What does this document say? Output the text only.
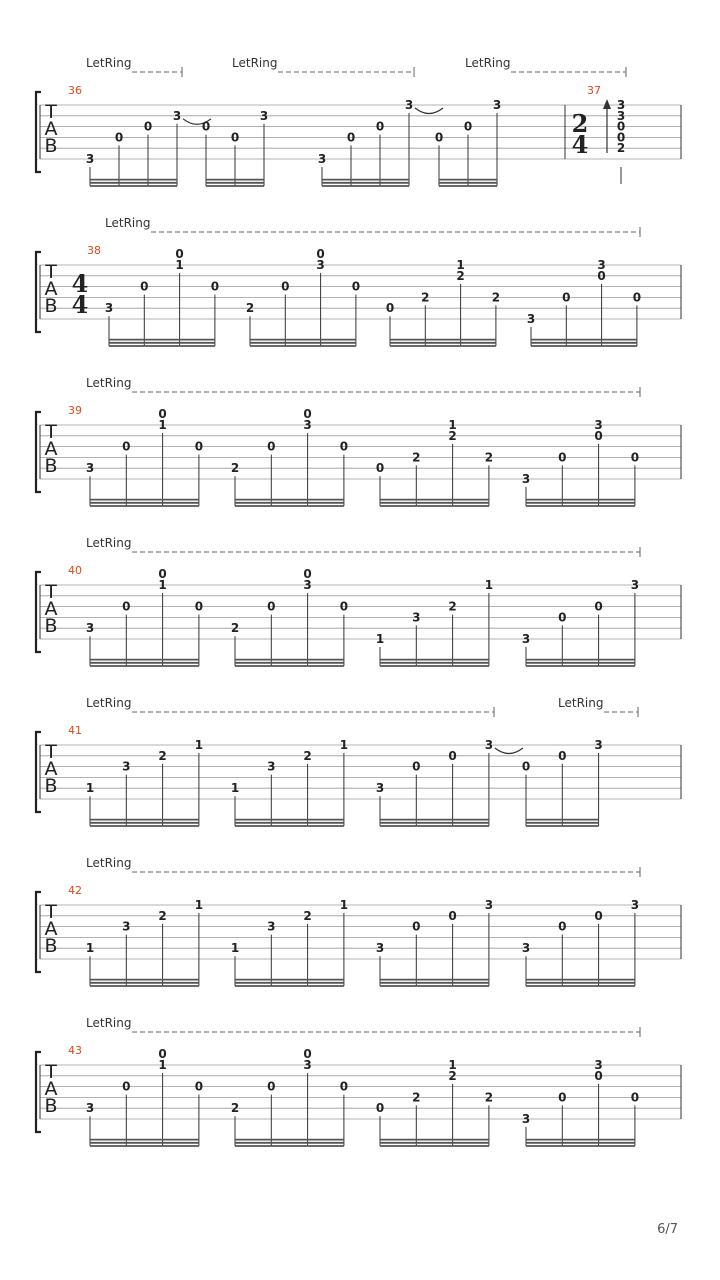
T
A
B
LetRing	LetRing	LetRing
36
3
0
0
3
0
0
3
3
0
0
3
0
0
3
37
2
4
3
3
0
0
2
T
A
B
LetRing
38
3
0
0
1
0
2
0
0
3
0
0
2
1
2
2
3
0
3
0
0
4
4
T
A
B
LetRing
39
3
0
0
1
0
2
0
0
3
0
0
2
1
2
2
3
0
3
0
0
T
A
B
LetRing
40
3
0
0
1
0
2
0
0
3
0
1
3
2
1
3
0
0
3
T
A
B
LetRing	LetRing
41
1
3
2
1
1
3
2
1
3
0
0
3
0
0
3
T
A
B
LetRing
42
1
3
2
1
1
3
2
1
3
0
0
3
3
0
0
3
T
A
B
LetRing
43
3
0
0
1
0
2
0
0
3
0
0
2
1
2
2
3
0
3
0
0
6/7
